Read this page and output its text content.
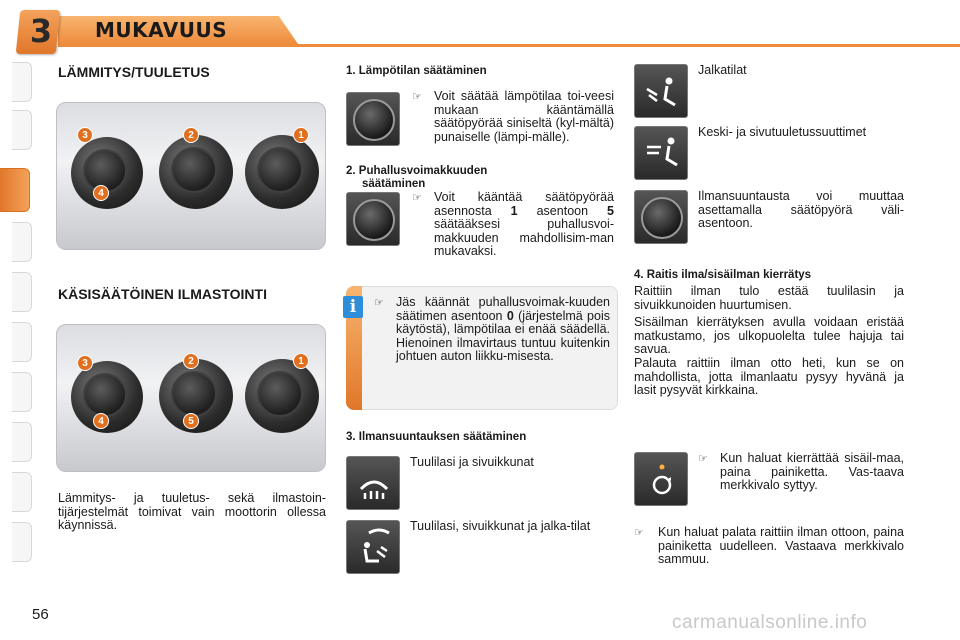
3 MUKAVUUS
LÄMMITYS/TUULETUS
3	2	1
4
KÄSISÄÄTÖINEN ILMASTOINTI
3	2	1
4	5
Lämmitys- ja tuuletus- sekä ilmastoin-tijärjestelmät toimivat vain moottorin ollessa käynnissä.
1. Lämpötilan säätäminen
☞ Voit säätää lämpötilaa toi-veesi mukaan kääntämällä säätöpyörää siniseltä (kyl-mältä) punaiselle (lämpi-mälle).
2. Puhallusvoimakkuuden
säätäminen
☞ Voit kääntää säätöpyörää asennosta 1 asentoon 5 säätääksesi puhallusvoi-makkuuden mahdollisim-man mukavaksi.
i	☞ Jäs käännät puhallusvoimak-kuuden säätimen asentoon 0 (järjestelmä pois käytöstä), lämpötilaa ei enää säädellä. Hienoinen ilmavirtaus tuntuu kuitenkin johtuen auton liikku-misesta.
3. Ilmansuuntauksen säätäminen
Tuulilasi ja sivuikkunat
Tuulilasi, sivuikkunat ja jalka-tilat
Jalkatilat
Keski- ja sivutuuletussuuttimet
Ilmansuuntausta voi muuttaa asettamalla säätöpyörä väli-asentoon.
4. Raitis ilma/sisäilman kierrätys
Raittiin ilman tulo estää tuulilasin ja sivuikkunoiden huurtumisen.
Sisäilman kierrätyksen avulla voidaan eristää matkustamo, jos ulkopuolelta tulee hajuja tai savua.
Palauta raittiin ilman otto heti, kun se on mahdollista, jotta ilmanlaatu pysyy hyvänä ja lasit pysyvät kirkkaina.
☞ Kun haluat kierrättää sisäil-maa, paina painiketta. Vas-taava merkkivalo syttyy.
☞ Kun haluat palata raittiin ilman ottoon, paina painiketta uudelleen. Vastaava merkkivalo sammuu.
56	carmanualsonline.info
